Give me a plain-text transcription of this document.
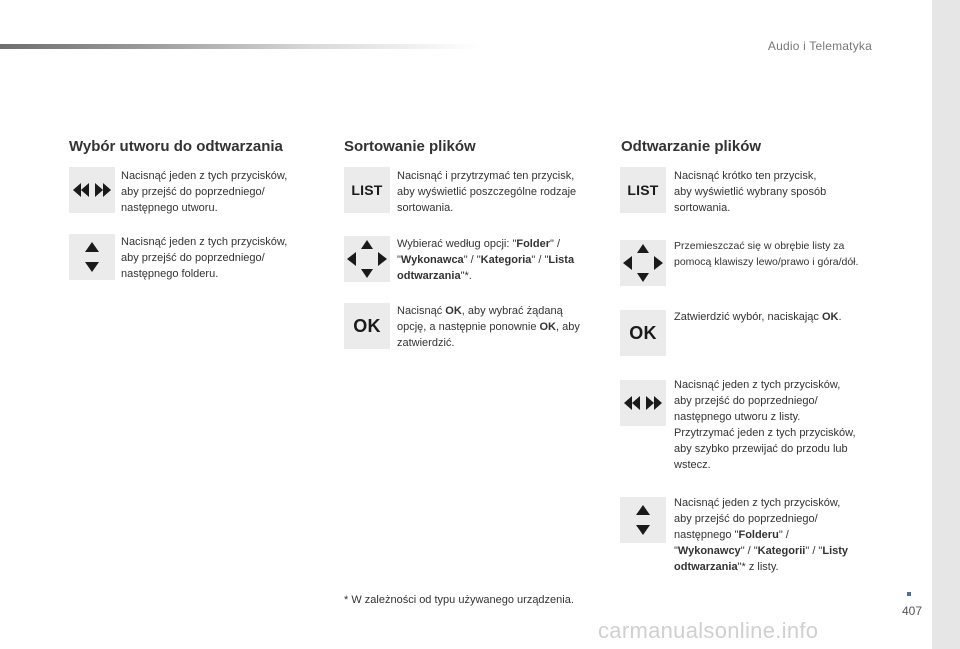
Audio i Telematyka
407
carmanualsonline.info
Wybór utworu do odtwarzania
Nacisnąć jeden z tych przycisków,
aby przejść do poprzedniego/
następnego utworu.
Nacisnąć jeden z tych przycisków,
aby przejść do poprzedniego/
następnego folderu.
Sortowanie plików
LIST
Nacisnąć i przytrzymać ten przycisk,
aby wyświetlić poszczególne rodzaje
sortowania.
Wybierać według opcji: "Folder" /
"Wykonawca" / "Kategoria" / "Lista
odtwarzania"*.
OK
Nacisnąć OK, aby wybrać żądaną
opcję, a następnie ponownie OK, aby
zatwierdzić.
* W zależności od typu używanego urządzenia.
Odtwarzanie plików
LIST
Nacisnąć krótko ten przycisk,
aby wyświetlić wybrany sposób
sortowania.
Przemieszczać się w obrębie listy za
pomocą klawiszy lewo/prawo i góra/dół.
OK
Zatwierdzić wybór, naciskając OK.
Nacisnąć jeden z tych przycisków,
aby przejść do poprzedniego/
następnego utworu z listy.
Przytrzymać jeden z tych przycisków,
aby szybko przewijać do przodu lub
wstecz.
Nacisnąć jeden z tych przycisków,
aby przejść do poprzedniego/
następnego "Folderu" /
"Wykonawcy" / "Kategorii" / "Listy
odtwarzania"* z listy.
